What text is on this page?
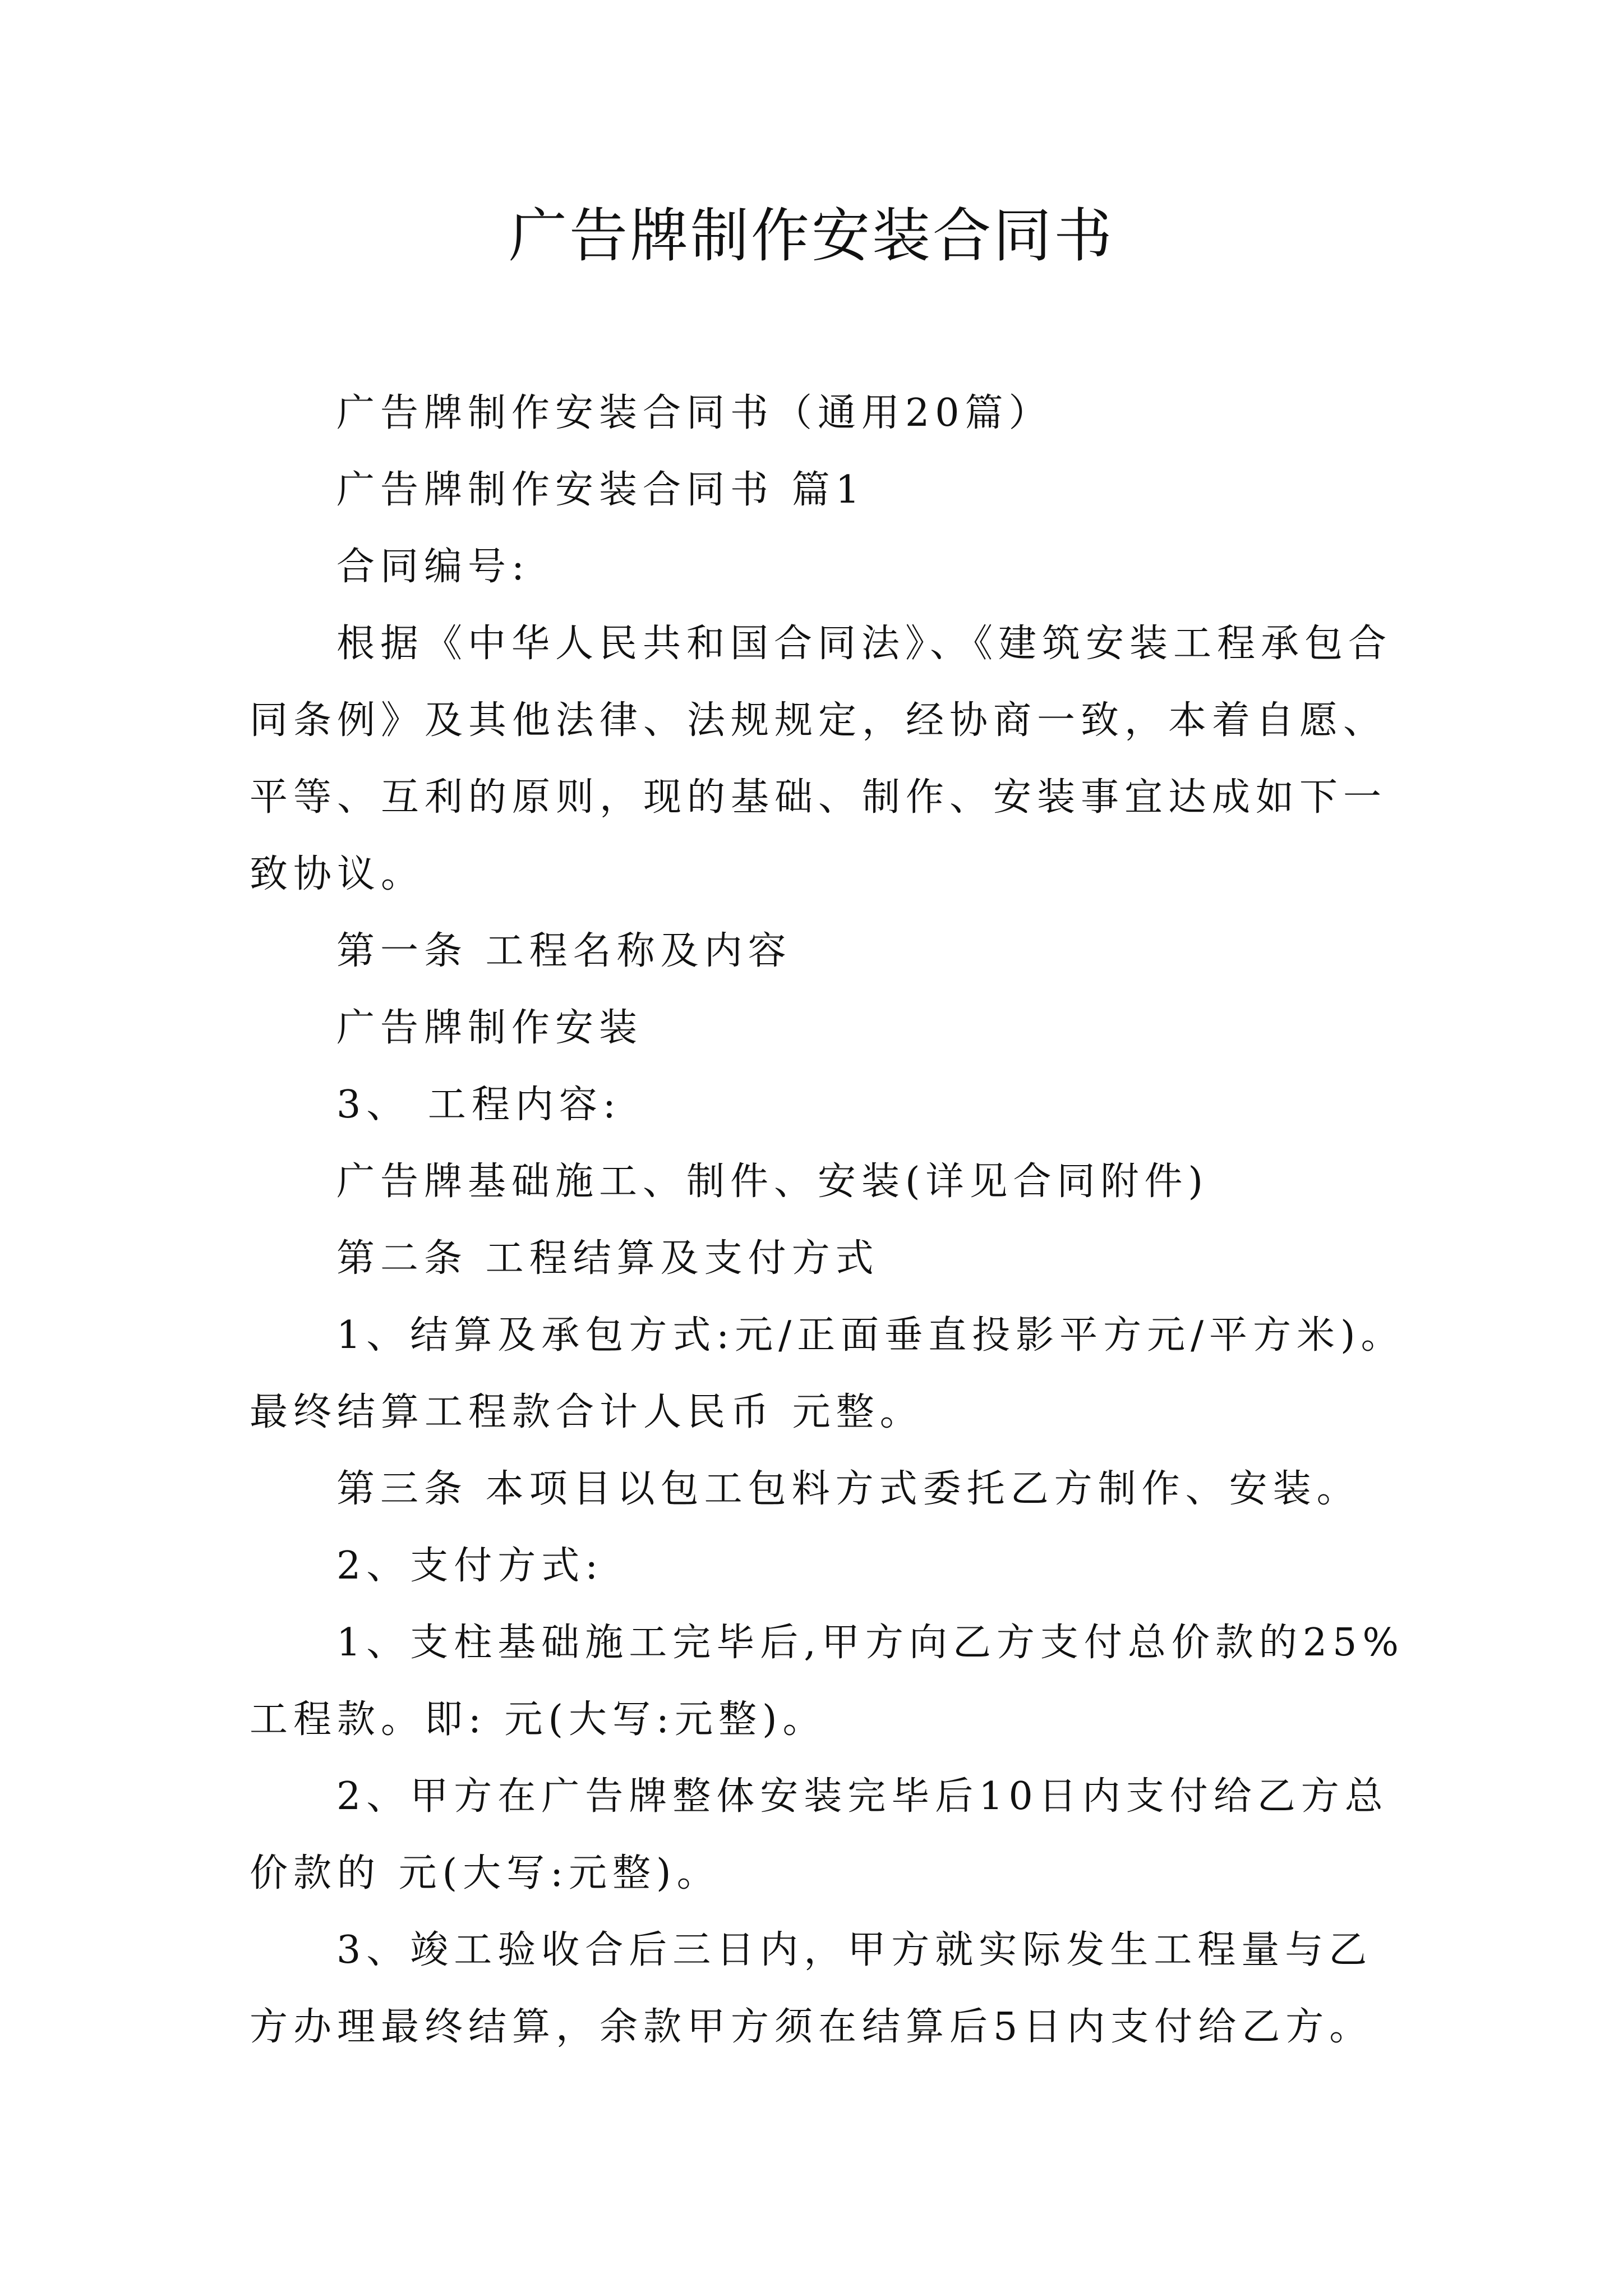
广告牌制作安装合同书
广告牌制作安装合同书（通用20篇）
广告牌制作安装合同书 篇1
合同编号:
根据《中华人民共和国合同法》、《建筑安装工程承包合
同条例》及其他法律、法规规定，经协商一致，本着自愿、
平等、互利的原则，现的基础、制作、安装事宜达成如下一
致协议。
第一条 工程名称及内容
广告牌制作安装
3、 工程内容:
广告牌基础施工、制件、安装(详见合同附件)
第二条 工程结算及支付方式
1、结算及承包方式:元/正面垂直投影平方元/平方米)。
最终结算工程款合计人民币 元整。
第三条 本项目以包工包料方式委托乙方制作、安装。
2、支付方式:
1、支柱基础施工完毕后,甲方向乙方支付总价款的25%
工程款。即: 元(大写:元整)。
2、甲方在广告牌整体安装完毕后10日内支付给乙方总
价款的 元(大写:元整)。
3、竣工验收合后三日内，甲方就实际发生工程量与乙
方办理最终结算，余款甲方须在结算后5日内支付给乙方。
